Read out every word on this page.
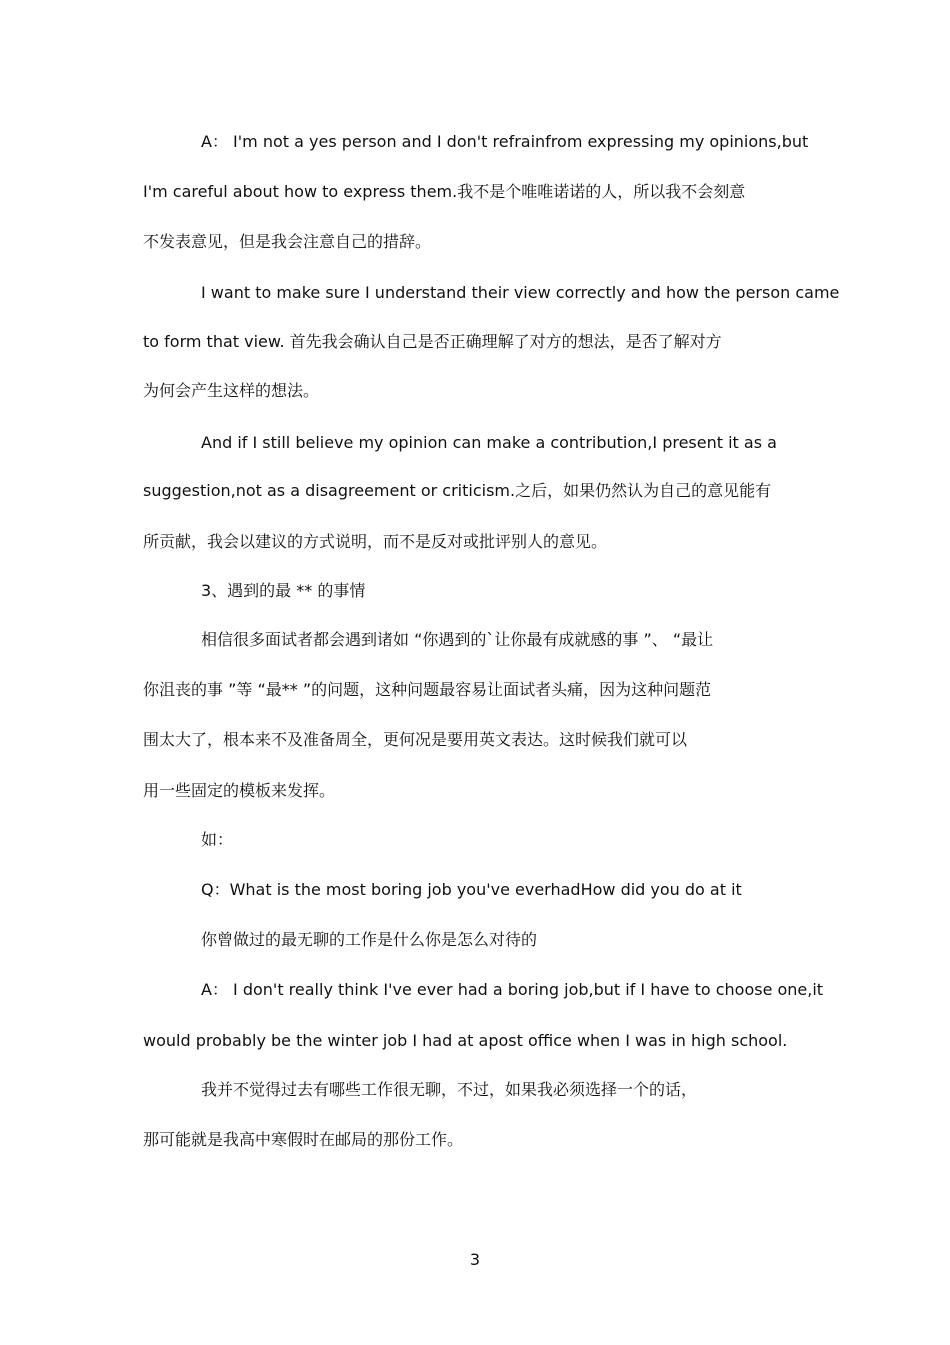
A： I'm not a yes person and I don't refrainfrom expressing my opinions,but
I'm careful about how to express them.我不是个唯唯诺诺的人，所以我不会刻意
不发表意见，但是我会注意自己的措辞。
I want to make sure I understand their view correctly and how the person came
to form that view. 首先我会确认自己是否正确理解了对方的想法，是否了解对方
为何会产生这样的想法。
And if I still believe my opinion can make a contribution,I present it as a
suggestion,not as a disagreement or criticism.之后，如果仍然认为自己的意见能有
所贡献，我会以建议的方式说明，而不是反对或批评别人的意见。
3、遇到的最 ** 的事情
相信很多面试者都会遇到诸如 “你遇到的`让你最有成就感的事 ”、 “最让
你沮丧的事 ”等 “最** ”的问题，这种问题最容易让面试者头痛，因为这种问题范
围太大了，根本来不及准备周全，更何况是要用英文表达。这时候我们就可以
用一些固定的模板来发挥。
如：
Q：What is the most boring job you've everhadHow did you do at it
你曾做过的最无聊的工作是什么你是怎么对待的
A： I don't really think I've ever had a boring job,but if I have to choose one,it
would probably be the winter job I had at apost office when I was in high school.
我并不觉得过去有哪些工作很无聊，不过，如果我必须选择一个的话，
那可能就是我高中寒假时在邮局的那份工作。
3
